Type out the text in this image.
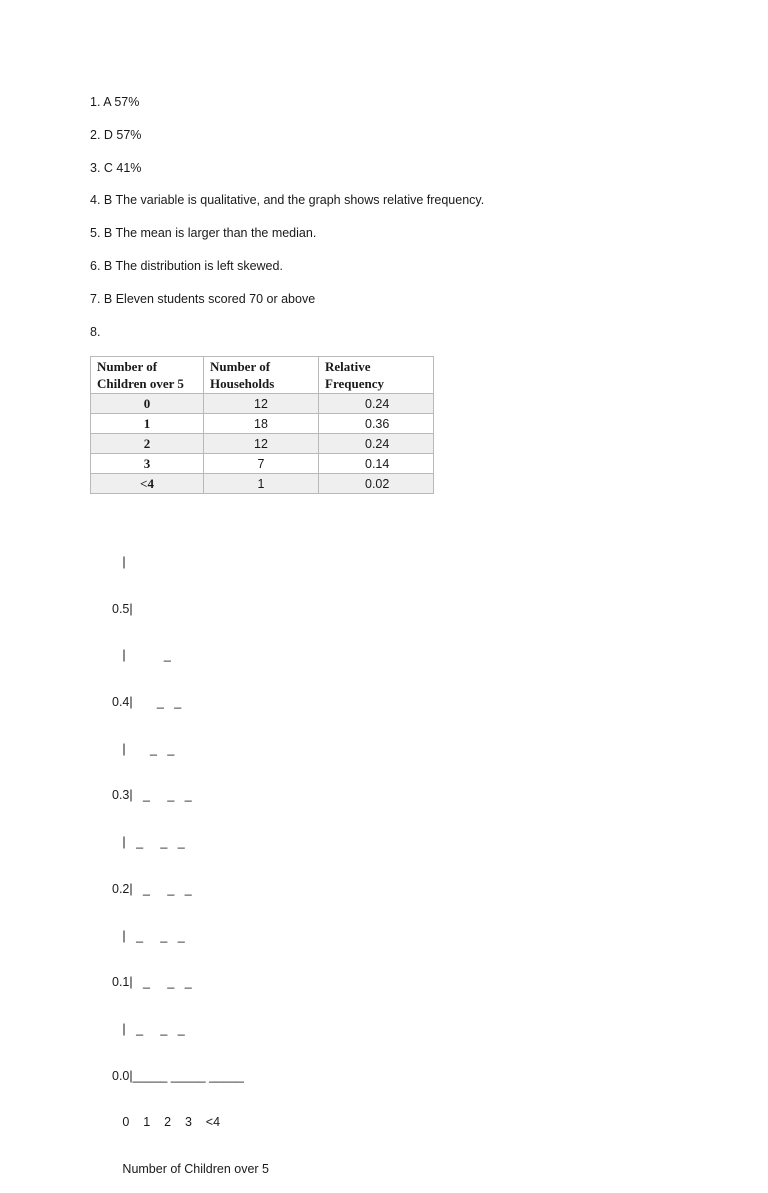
1. A 57%
2. D 57%
3. C 41%
4. B The variable is qualitative, and the graph shows relative frequency.
5. B The mean is larger than the median.
6. B The distribution is left skewed.
7. B Eleven students scored 70 or above
8.
Number of Children over 5	Number of Households	Relative Frequency
0	12	0.24
1	18	0.36
2	12	0.24
3	7	0.14
<4	1	0.02

|

0.5|

|           _

0.4|       _   _

|       _   _

0.3|   _     _   _

|   _     _   _

0.2|   _     _   _

|   _     _   _

0.1|   _     _   _

|   _     _   _

0.0|_____ _____ _____

0    1    2    3    <4

Number of Children over 5
